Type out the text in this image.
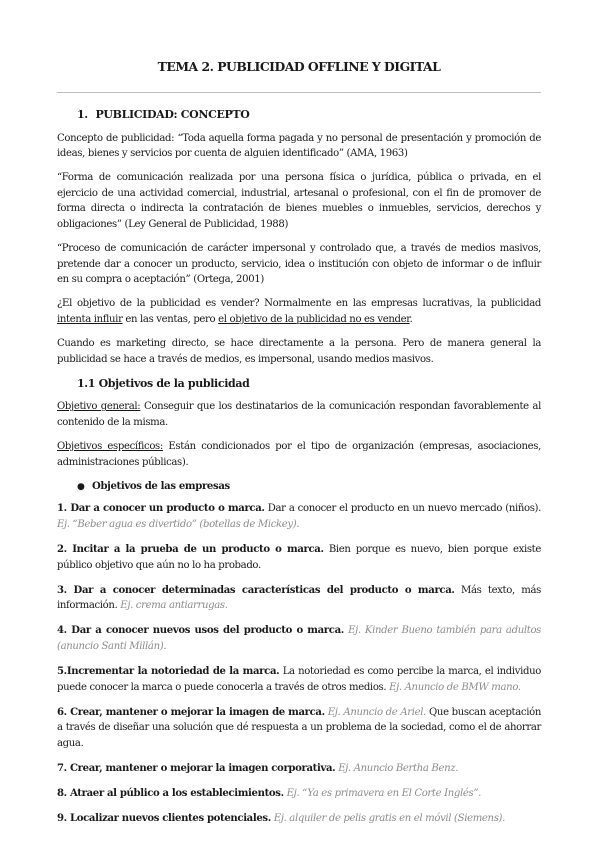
TEMA 2. PUBLICIDAD OFFLINE Y DIGITAL
1. PUBLICIDAD: CONCEPTO

Concepto de publicidad: “Toda aquella forma pagada y no personal de presentación y promoción de ideas, bienes y servicios por cuenta de alguien identificado” (AMA, 1963)

“Forma de comunicación realizada por una persona física o jurídica, pública o privada, en el ejercicio de una actividad comercial, industrial, artesanal o profesional, con el fin de promover de forma directa o indirecta la contratación de bienes muebles o inmuebles, servicios, derechos y obligaciones” (Ley General de Publicidad, 1988)

“Proceso de comunicación de carácter impersonal y controlado que, a través de medios masivos, pretende dar a conocer un producto, servicio, idea o institución con objeto de informar o de influir en su compra o aceptación” (Ortega, 2001)

¿El objetivo de la publicidad es vender? Normalmente en las empresas lucrativas, la publicidad intenta influir en las ventas, pero el objetivo de la publicidad no es vender.

Cuando es marketing directo, se hace directamente a la persona. Pero de manera general la publicidad se hace a través de medios, es impersonal, usando medios masivos.

1.1 Objetivos de la publicidad

Objetivo general: Conseguir que los destinatarios de la comunicación respondan favorablemente al contenido de la misma.

Objetivos específicos: Están condicionados por el tipo de organización (empresas, asociaciones, administraciones públicas).

● Objetivos de las empresas

1. Dar a conocer un producto o marca. Dar a conocer el producto en un nuevo mercado (niños). Ej. “Beber agua es divertido” (botellas de Mickey).

2. Incitar a la prueba de un producto o marca. Bien porque es nuevo, bien porque existe público objetivo que aún no lo ha probado.

3. Dar a conocer determinadas características del producto o marca. Más texto, más información. Ej. crema antiarrugas.

4. Dar a conocer nuevos usos del producto o marca. Ej. Kinder Bueno también para adultos (anuncio Santi Millán).

5.Incrementar la notoriedad de la marca. La notoriedad es como percibe la marca, el individuo puede conocer la marca o puede conocerla a través de otros medios. Ej. Anuncio de BMW mano.

6. Crear, mantener o mejorar la imagen de marca. Ej. Anuncio de Ariel. Que buscan aceptación a través de diseñar una solución que dé respuesta a un problema de la sociedad, como el de ahorrar agua.

7. Crear, mantener o mejorar la imagen corporativa. Ej. Anuncio Bertha Benz.

8. Atraer al público a los establecimientos. Ej. “Ya es primavera en El Corte Inglés”.

9. Localizar nuevos clientes potenciales. Ej. alquiler de pelis gratis en el móvil (Siemens).
